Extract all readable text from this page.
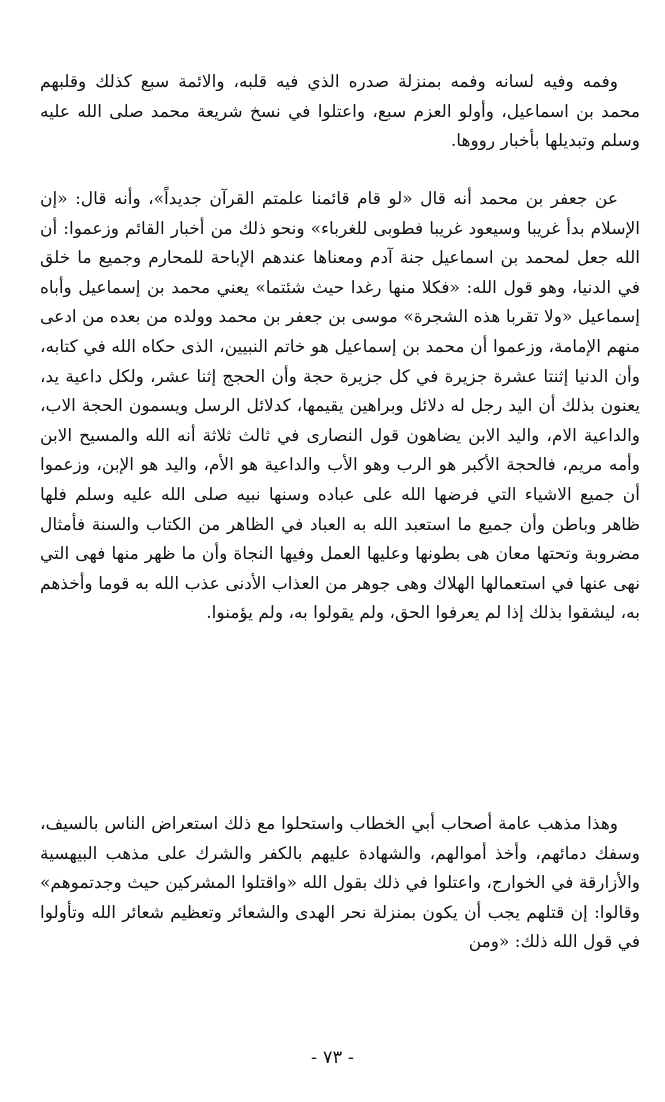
وفمه وفيه لسانه وفمه بمنزلة صدره الذي فيه قلبه، والائمة سبع كذلك وقلبهم محمد بن اسماعيل، وأولو العزم سبع، واعتلوا في نسخ شريعة محمد صلى الله عليه وسلم وتبديلها بأخبار رووها.

عن جعفر بن محمد أنه قال «لو قام قائمنا علمتم القرآن جديداً»، وأنه قال: «إن الإسلام بدأ غريبا وسيعود غريبا فطوبى للغرباء» ونحو ذلك من أخبار القائم وزعموا: أن الله جعل لمحمد بن اسماعيل جنة آدم ومعناها عندهم الإباحة للمحارم وجميع ما خلق في الدنيا، وهو قول الله: «فكلا منها رغدا حيث شئتما» يعني محمد بن إسماعيل وأباه إسماعيل «ولا تقربا هذه الشجرة» موسى بن جعفر بن محمد وولده من بعده من ادعى منهم الإمامة، وزعموا أن محمد بن إسماعيل هو خاتم النبيين، الذى حكاه الله في كتابه، وأن الدنيا إثنتا عشرة جزيرة في كل جزيرة حجة وأن الحجج إثنا عشر، ولكل داعية يد، يعنون بذلك أن اليد رجل له دلائل وبراهين يقيمها، كدلائل الرسل ويسمون الحجة الاب، والداعية الام، واليد الابن يضاهون قول النصارى في ثالث ثلاثة أنه الله والمسيح الابن وأمه مريم، فالحجة الأكبر هو الرب وهو الأب والداعية هو الأم، واليد هو الإبن، وزعموا أن جميع الاشياء التي فرضها الله على عباده وسنها نبيه صلى الله عليه وسلم فلها ظاهر وباطن وأن جميع ما استعبد الله به العباد في الظاهر من الكتاب والسنة فأمثال مضروبة وتحتها معان هى بطونها وعليها العمل وفيها النجاة وأن ما ظهر منها فهى التي نهى عنها في استعمالها الهلاك وهى جوهر من العذاب الأدنى عذب الله به قوما وأخذهم به، ليشقوا بذلك إذا لم يعرفوا الحق، ولم يقولوا به، ولم يؤمنوا.

وهذا مذهب عامة أصحاب أبي الخطاب واستحلوا مع ذلك استعراض الناس بالسيف، وسفك دمائهم، وأخذ أموالهم، والشهادة عليهم بالكفر والشرك على مذهب البيهسية والأزارقة في الخوارج، واعتلوا في ذلك بقول الله «واقتلوا المشركين حيث وجدتموهم» وقالوا: إن قتلهم يجب أن يكون بمنزلة نحر الهدى والشعائر وتعظيم شعائر الله وتأولوا في قول الله ذلك: «ومن

- ٧٣ -
